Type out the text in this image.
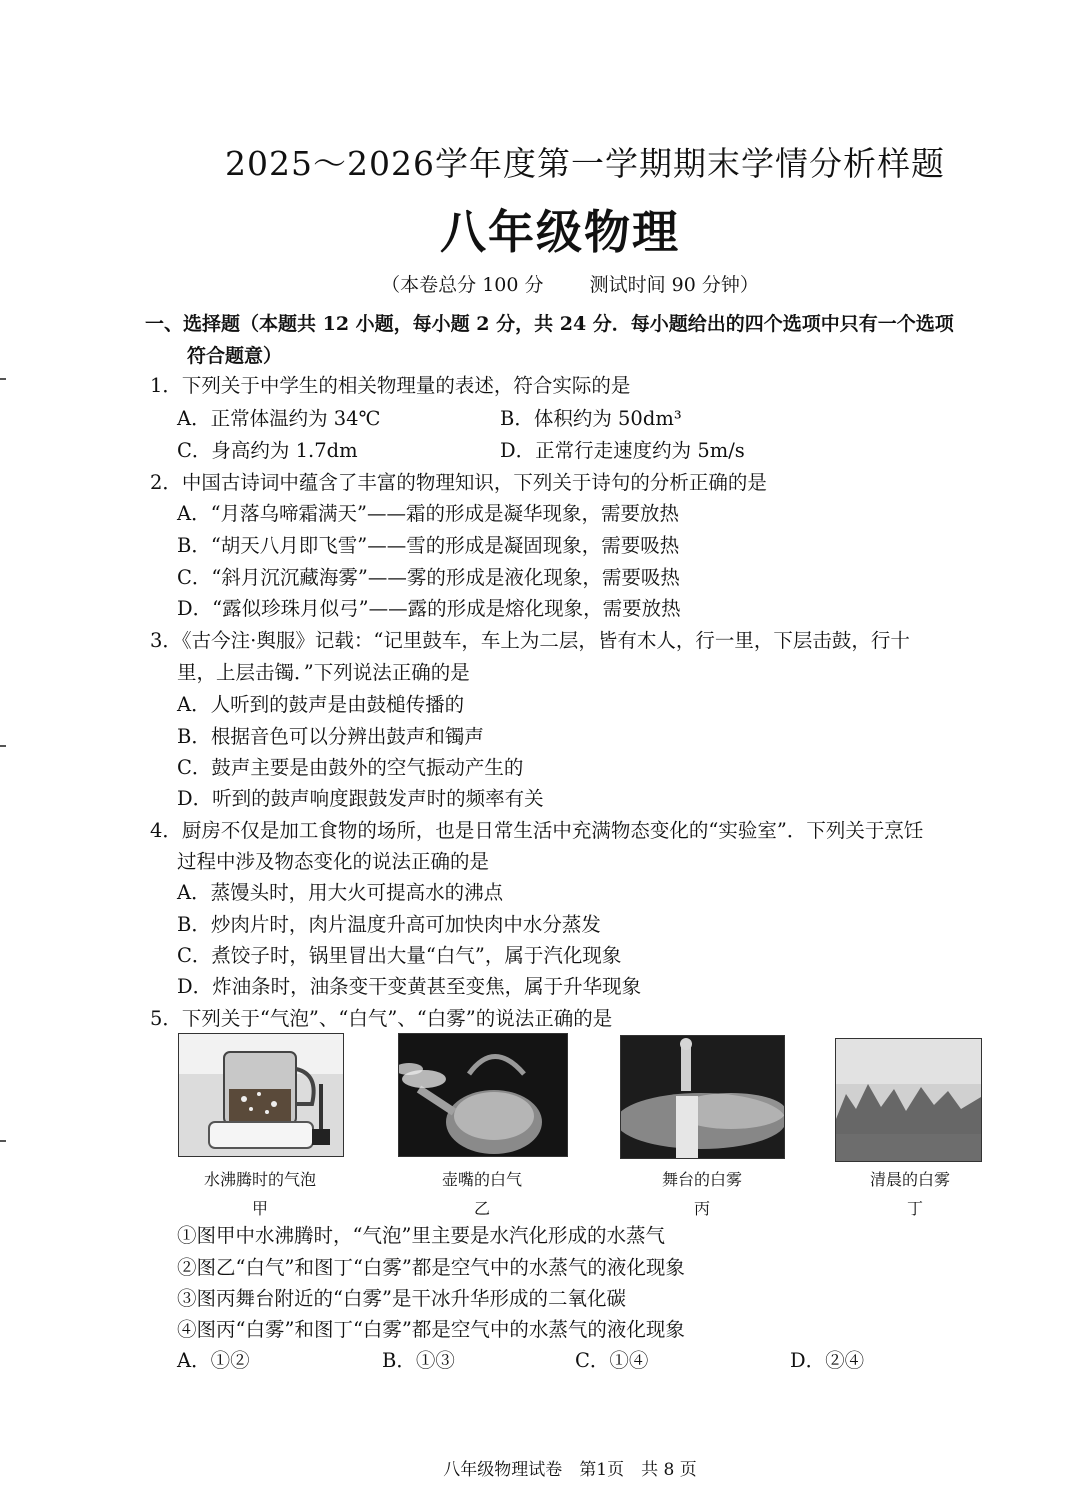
2025～2026学年度第一学期期末学情分析样题
八年级物理
（本卷总分 100 分 测试时间 90 分钟）
一、选择题（本题共 12 小题，每小题 2 分，共 24 分．每小题给出的四个选项中只有一个选项
符合题意）
1．下列关于中学生的相关物理量的表述，符合实际的是
A．正常体温约为 34℃	B．体积约为 50dm³
C．身高约为 1.7dm	D．正常行走速度约为 5m/s
2．中国古诗词中蕴含了丰富的物理知识，下列关于诗句的分析正确的是
A．“月落乌啼霜满天”——霜的形成是凝华现象，需要放热
B．“胡天八月即飞雪”——雪的形成是凝固现象，需要吸热
C．“斜月沉沉藏海雾”——雾的形成是液化现象，需要吸热
D．“露似珍珠月似弓”——露的形成是熔化现象，需要放热
3．《古今注·舆服》记载：“记里鼓车，车上为二层，皆有木人，行一里，下层击鼓，行十
里，上层击镯．”下列说法正确的是
A．人听到的鼓声是由鼓槌传播的
B．根据音色可以分辨出鼓声和镯声
C．鼓声主要是由鼓外的空气振动产生的
D．听到的鼓声响度跟鼓发声时的频率有关
4．厨房不仅是加工食物的场所，也是日常生活中充满物态变化的“实验室”．下列关于烹饪
过程中涉及物态变化的说法正确的是
A．蒸馒头时，用大火可提高水的沸点
B．炒肉片时，肉片温度升高可加快肉中水分蒸发
C．煮饺子时，锅里冒出大量“白气”，属于汽化现象
D．炸油条时，油条变干变黄甚至变焦，属于升华现象
5．下列关于“气泡”、“白气”、“白雾”的说法正确的是
水沸腾时的气泡
甲
壶嘴的白气
乙
舞台的白雾
丙
清晨的白雾
丁
①图甲中水沸腾时，“气泡”里主要是水汽化形成的水蒸气
②图乙“白气”和图丁“白雾”都是空气中的水蒸气的液化现象
③图丙舞台附近的“白雾”是干冰升华形成的二氧化碳
④图丙“白雾”和图丁“白雾”都是空气中的水蒸气的液化现象
A．①②	B．①③	C．①④	D．②④
八年级物理试卷　第1页　共 8 页
